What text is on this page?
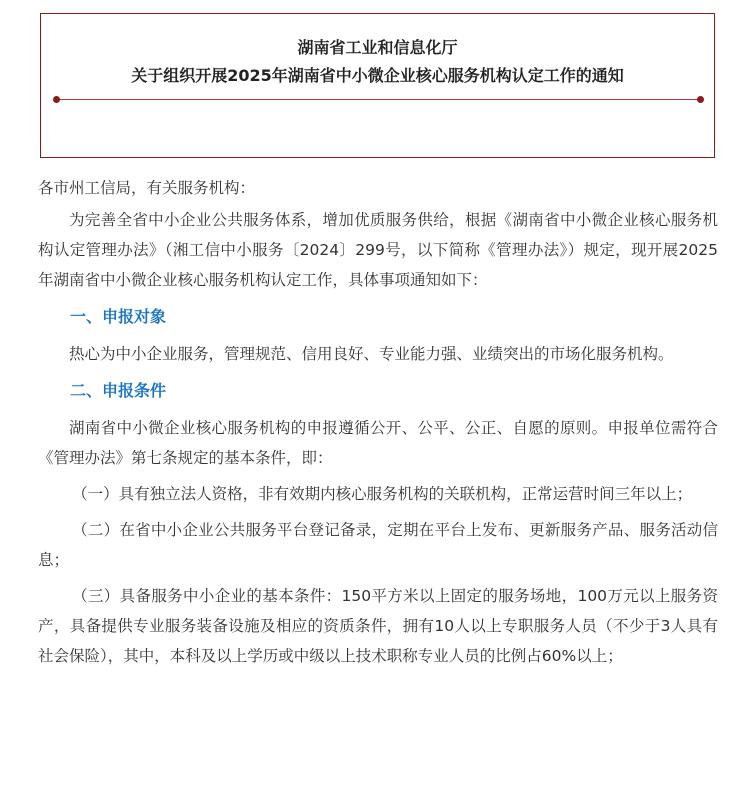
湖南省工业和信息化厅
关于组织开展2025年湖南省中小微企业核心服务机构认定工作的通知

各市州工信局，有关服务机构：

为完善全省中小企业公共服务体系，增加优质服务供给，根据《湖南省中小微企业核心服务机构认定管理办法》（湘工信中小服务〔2024〕299号，以下简称《管理办法》）规定，现开展2025年湖南省中小微企业核心服务机构认定工作，具体事项通知如下：

一、申报对象

热心为中小企业服务，管理规范、信用良好、专业能力强、业绩突出的市场化服务机构。

二、申报条件

湖南省中小微企业核心服务机构的申报遵循公开、公平、公正、自愿的原则。申报单位需符合《管理办法》第七条规定的基本条件，即：

（一）具有独立法人资格，非有效期内核心服务机构的关联机构，正常运营时间三年以上；

（二）在省中小企业公共服务平台登记备录，定期在平台上发布、更新服务产品、服务活动信息；

（三）具备服务中小企业的基本条件：150平方米以上固定的服务场地，100万元以上服务资产，具备提供专业服务装备设施及相应的资质条件，拥有10人以上专职服务人员（不少于3人具有社会保险），其中，本科及以上学历或中级以上技术职称专业人员的比例占60%以上；
